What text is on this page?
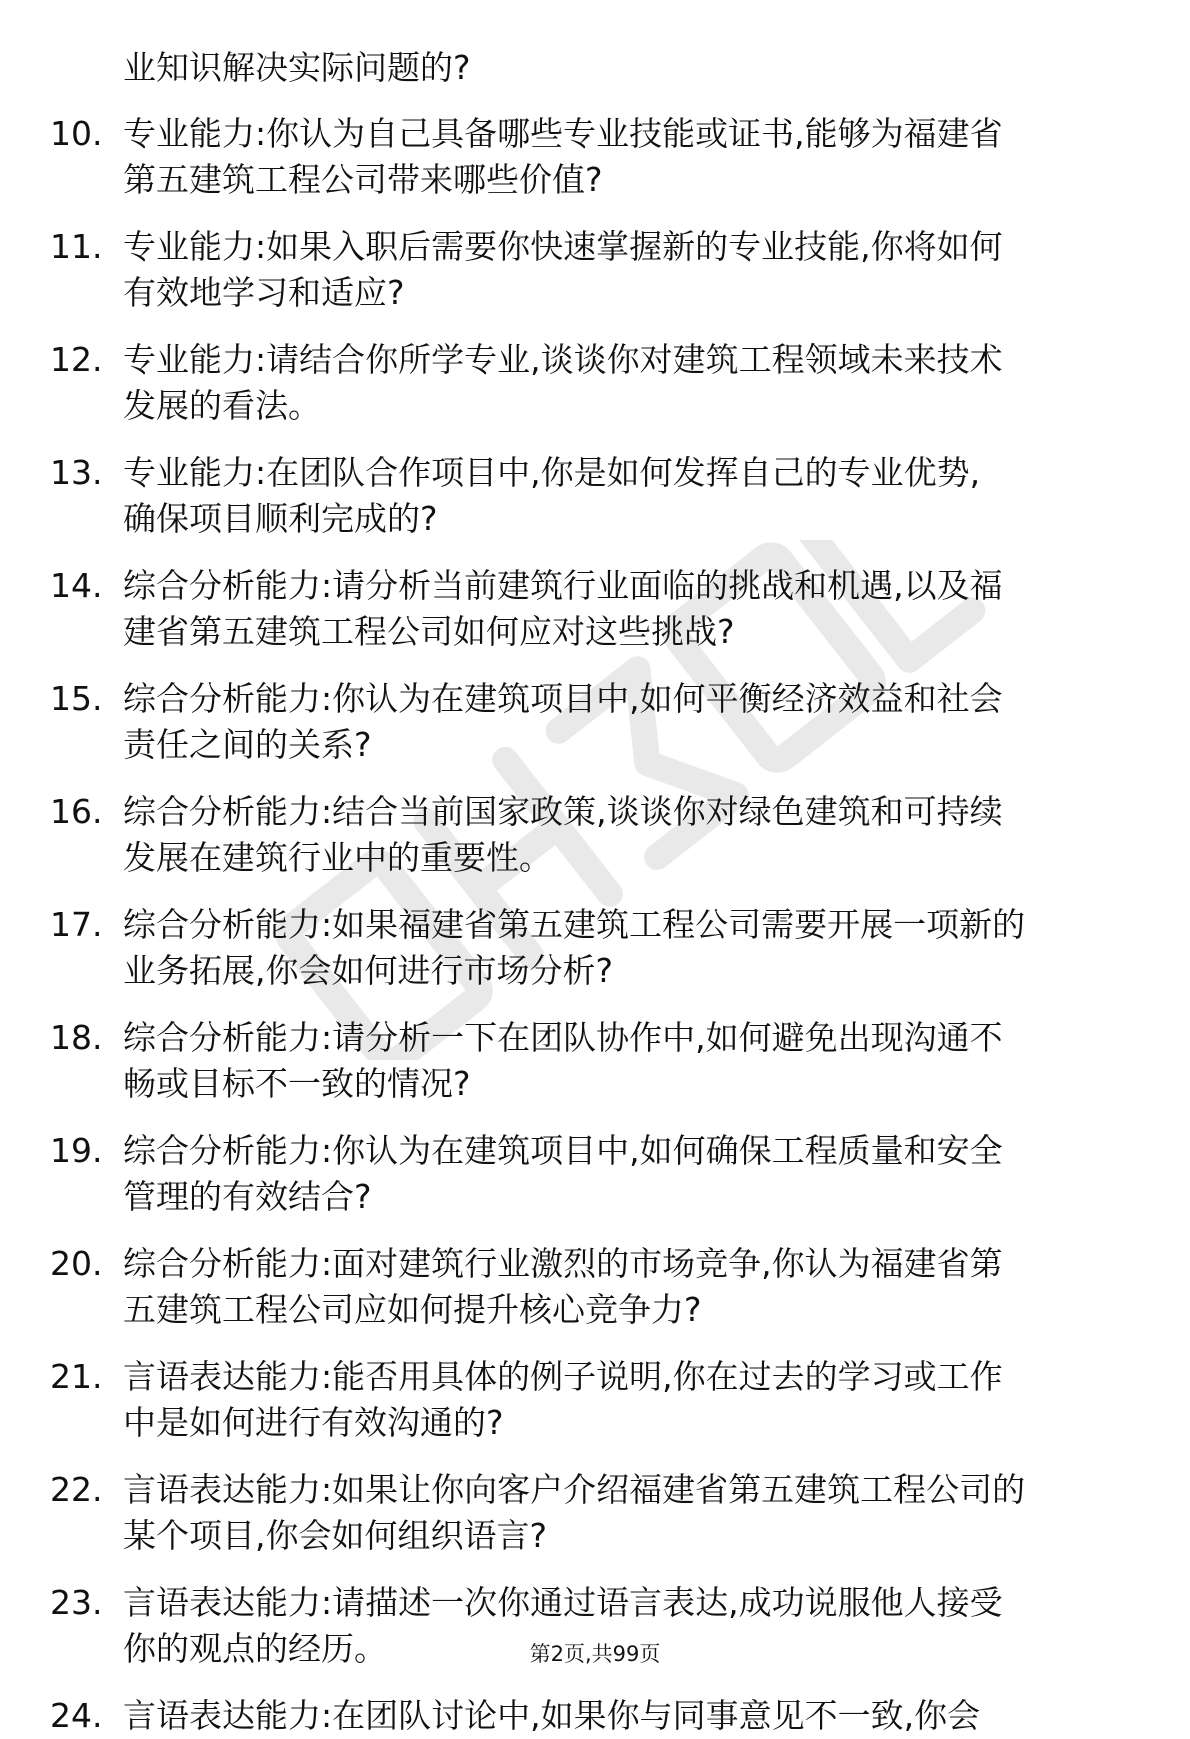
业知识解决实际问题的?
10. 专业能力:你认为自己具备哪些专业技能或证书,能够为福建省
第五建筑工程公司带来哪些价值?
11. 专业能力:如果入职后需要你快速掌握新的专业技能,你将如何
有效地学习和适应?
12. 专业能力:请结合你所学专业,谈谈你对建筑工程领域未来技术
发展的看法。
13. 专业能力:在团队合作项目中,你是如何发挥自己的专业优势,
确保项目顺利完成的?
14. 综合分析能力:请分析当前建筑行业面临的挑战和机遇,以及福
建省第五建筑工程公司如何应对这些挑战?
15. 综合分析能力:你认为在建筑项目中,如何平衡经济效益和社会
责任之间的关系?
16. 综合分析能力:结合当前国家政策,谈谈你对绿色建筑和可持续
发展在建筑行业中的重要性。
17. 综合分析能力:如果福建省第五建筑工程公司需要开展一项新的
业务拓展,你会如何进行市场分析?
18. 综合分析能力:请分析一下在团队协作中,如何避免出现沟通不
畅或目标不一致的情况?
19. 综合分析能力:你认为在建筑项目中,如何确保工程质量和安全
管理的有效结合?
20. 综合分析能力:面对建筑行业激烈的市场竞争,你认为福建省第
五建筑工程公司应如何提升核心竞争力?
21. 言语表达能力:能否用具体的例子说明,你在过去的学习或工作
中是如何进行有效沟通的?
22. 言语表达能力:如果让你向客户介绍福建省第五建筑工程公司的
某个项目,你会如何组织语言?
23. 言语表达能力:请描述一次你通过语言表达,成功说服他人接受
你的观点的经历。
24. 言语表达能力:在团队讨论中,如果你与同事意见不一致,你会
第2页,共99页
